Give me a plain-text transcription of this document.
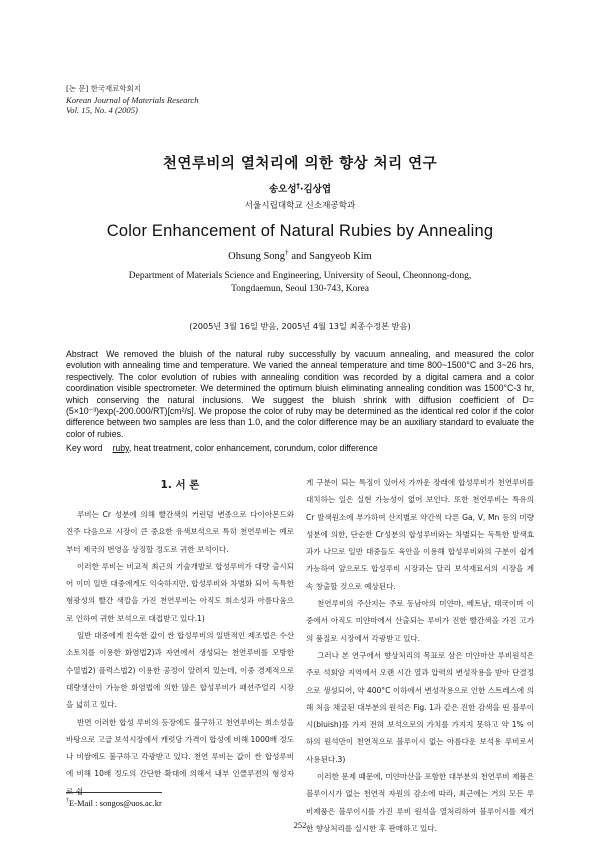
[논 문] 한국재료학회지
Korean Journal of Materials Research
Vol. 15, No. 4 (2005)
천연루비의 열처리에 의한 향상 처리 연구
송오성†·김상엽
서울시립대학교 신소재공학과
Color Enhancement of Natural Rubies by Annealing
Ohsung Song† and Sangyeob Kim
Department of Materials Science and Engineering, University of Seoul, Cheonnong-dong,
Tongdaemun, Seoul 130-743, Korea
(2005년 3월 16일 받음, 2005년 4월 13일 최종수정본 받음)
Abstract We removed the bluish of the natural ruby successfully by vacuum annealing, and measured the color evolution with annealing time and temperature. We varied the anneal temperature and time 800~1500°C and 3~26 hrs, respectively. The color evolution of rubies with annealing condition was recorded by a digital camera and a color coordination visible spectrometer. We determined the optimum bluish eliminating annealing condition was 1500°C-3 hr, which conserving the natural inclusions. We suggest the bluish shrink with diffusion coefficient of D=(5×10⁻³)exp(-200.000/RT)[cm²/s]. We propose the color of ruby may be determined as the identical red color if the color difference between two samples are less than 1.0, and the color difference may be an auxiliary standard to evaluate the color of rubies.
Key word ruby, heat treatment, color enhancement, corundum, color difference
1. 서 론

루비는 Cr 성분에 의해 빨간색의 커런덤 변종으로 다이아몬드와 진주 다음으로 시장이 큰 중요한 유색보석으로 특히 천연루비는 예로부터 제국의 번영을 상징할 정도로 귀한 보석이다.

이러한 루비는 비교적 최근의 기술개발로 합성루비가 대량 출시되어 이미 일반 대중에게도 익숙하지만, 합성루비와 차별화 되어 독특한 형광성의 빨간 색깔을 가진 천연루비는 아직도 희소성과 아름다움으로 인하여 귀한 보석으로 대접받고 있다.1)

일반 대중에게 친숙한 값이 싼 합성루비의 일반적인 제조법은 수산소토치를 이용한 화염법2)과 자연에서 생성되는 천연루비를 모방한 수열법2) 플럭스법2) 이용한 공정이 알려져 있는데, 이중 경제적으로 대량생산이 가능한 화염법에 의한 많은 합성루비가 패션주얼리 시장을 넓히고 있다.

반면 이러한 합성 루비의 등장에도 불구하고 천연루비는 희소성을 바탕으로 고급 보석시장에서 캐럿당 가격이 합성에 비해 1000배 정도나 비쌈에도 불구하고 각광받고 있다. 천연 루비는 값이 싼 합성루비에 비해 10배 정도의 간단한 확대에 의해서 내부 인클루젼의 형성자로 쉽

게 구분이 되는 특징이 있어서 가까운 장래에 합성루비가 천연루비를 대치하는 일은 실현 가능성이 없어 보인다. 또한 천연루비는 특유의 Cr 발색원소에 부가하여 산지별로 약간씩 다른 Ga, V, Mn 등의 미량 성분에 의한, 단순한 Cr성분의 합성루비와는 차별되는 독특한 발색효과가 나므로 일반 대중들도 육안을 이용해 합성루비와의 구분이 쉽게 가능하여 앞으로도 합성루비 시장과는 달리 보석재료서의 시장을 계속 창출할 것으로 예상된다.

천연루비의 주산지는 주로 동남아의 미얀마, 베트남, 태국이며 이 중에서 아직도 미얀마에서 산출되는 루비가 진한 빨간색을 가진 고가의 품질로 시장에서 각광받고 있다.

그러나 본 연구에서 향상처리의 목표로 삼은 미얀마산 루비원석은 주로 석회암 지역에서 오랜 시간 열과 압력의 변성작용을 받아 단결정으로 생성되어, 약 400°C 이하에서 변성작용으로 인한 스트레스에 의해 처음 채굴된 대부분의 원석은 Fig. 1과 같은 진한 감색을 띤 블루이시(bluish)를 가져 전혀 보석으로의 가치를 가지지 못하고 약 1% 이하의 원석만이 천연적으로 블루이시 없는 아름다운 보석용 루비로서 사용된다.3)

이러한 문제 때문에, 미얀마산을 포함한 대부분의 천연루비 제품은 블루이시가 없는 천연적 자원의 감소에 따라, 최근에는 거의 모든 루비제품은 블루이시를 가진 루비 원석을 열처리하여 블루이시를 제거한 향상처리를 실시한 후 판매하고 있다.

†E-Mail : songos@uos.ac.kr
252
